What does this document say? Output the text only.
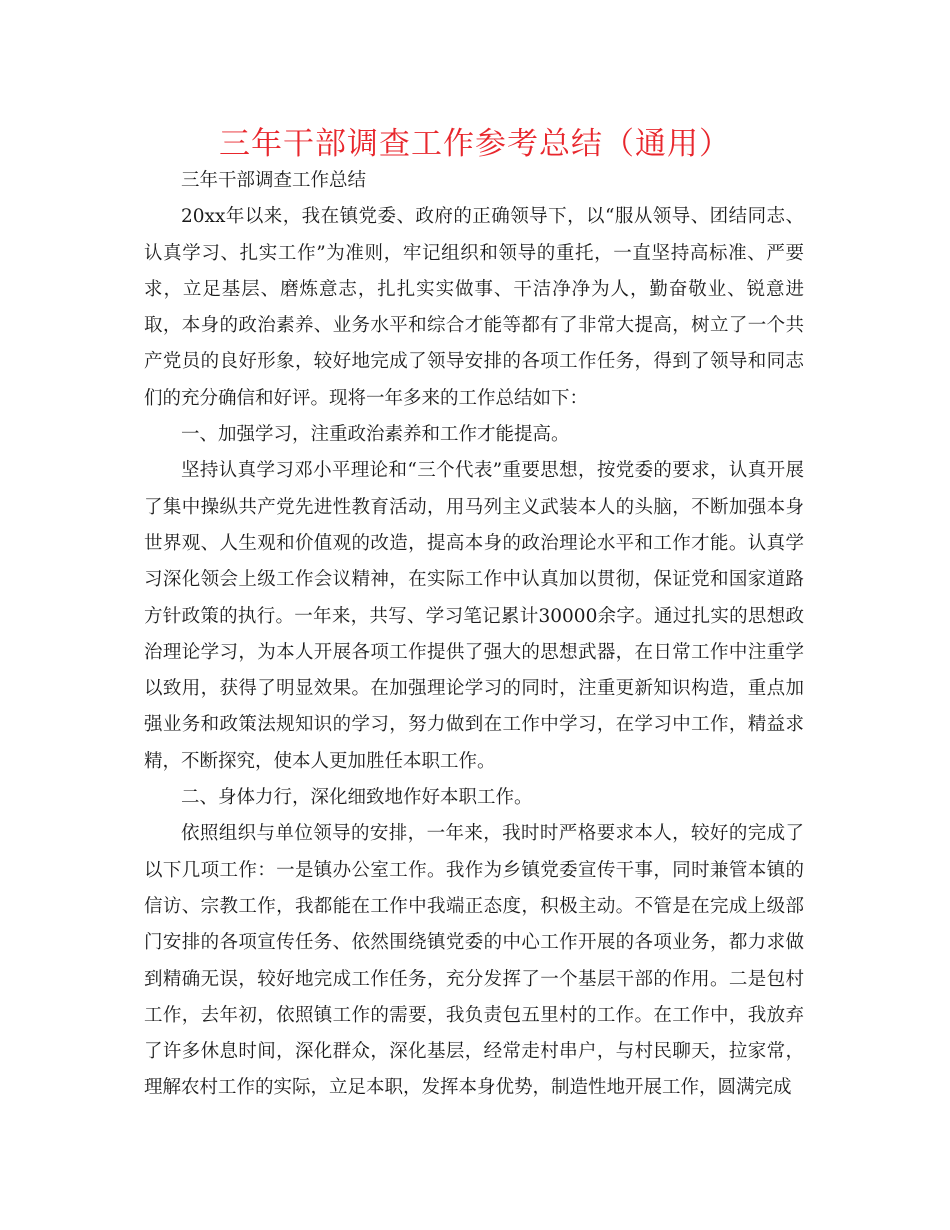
三年干部调查工作参考总结（通用）

三年干部调查工作总结

20xx年以来，我在镇党委、政府的正确领导下，以“服从领导、团结同志、认真学习、扎实工作”为准则，牢记组织和领导的重托，一直坚持高标准、严要求，立足基层、磨炼意志，扎扎实实做事、干洁净净为人，勤奋敬业、锐意进取，本身的政治素养、业务水平和综合才能等都有了非常大提高，树立了一个共产党员的良好形象，较好地完成了领导安排的各项工作任务，得到了领导和同志们的充分确信和好评。现将一年多来的工作总结如下：

一、加强学习，注重政治素养和工作才能提高。

坚持认真学习邓小平理论和“三个代表”重要思想，按党委的要求，认真开展了集中操纵共产党先进性教育活动，用马列主义武装本人的头脑，不断加强本身世界观、人生观和价值观的改造，提高本身的政治理论水平和工作才能。认真学习深化领会上级工作会议精神，在实际工作中认真加以贯彻，保证党和国家道路方针政策的执行。一年来，共写、学习笔记累计30000余字。通过扎实的思想政治理论学习，为本人开展各项工作提供了强大的思想武器，在日常工作中注重学以致用，获得了明显效果。在加强理论学习的同时，注重更新知识构造，重点加强业务和政策法规知识的学习，努力做到在工作中学习，在学习中工作，精益求精，不断探究，使本人更加胜任本职工作。

二、身体力行，深化细致地作好本职工作。

依照组织与单位领导的安排，一年来，我时时严格要求本人，较好的完成了以下几项工作：一是镇办公室工作。我作为乡镇党委宣传干事，同时兼管本镇的信访、宗教工作，我都能在工作中我端正态度，积极主动。不管是在完成上级部门安排的各项宣传任务、依然围绕镇党委的中心工作开展的各项业务，都力求做到精确无误，较好地完成工作任务，充分发挥了一个基层干部的作用。二是包村工作，去年初，依照镇工作的需要，我负责包五里村的工作。在工作中，我放弃了许多休息时间，深化群众，深化基层，经常走村串户，与村民聊天，拉家常，理解农村工作的实际，立足本职，发挥本身优势，制造性地开展工作，圆满完成
